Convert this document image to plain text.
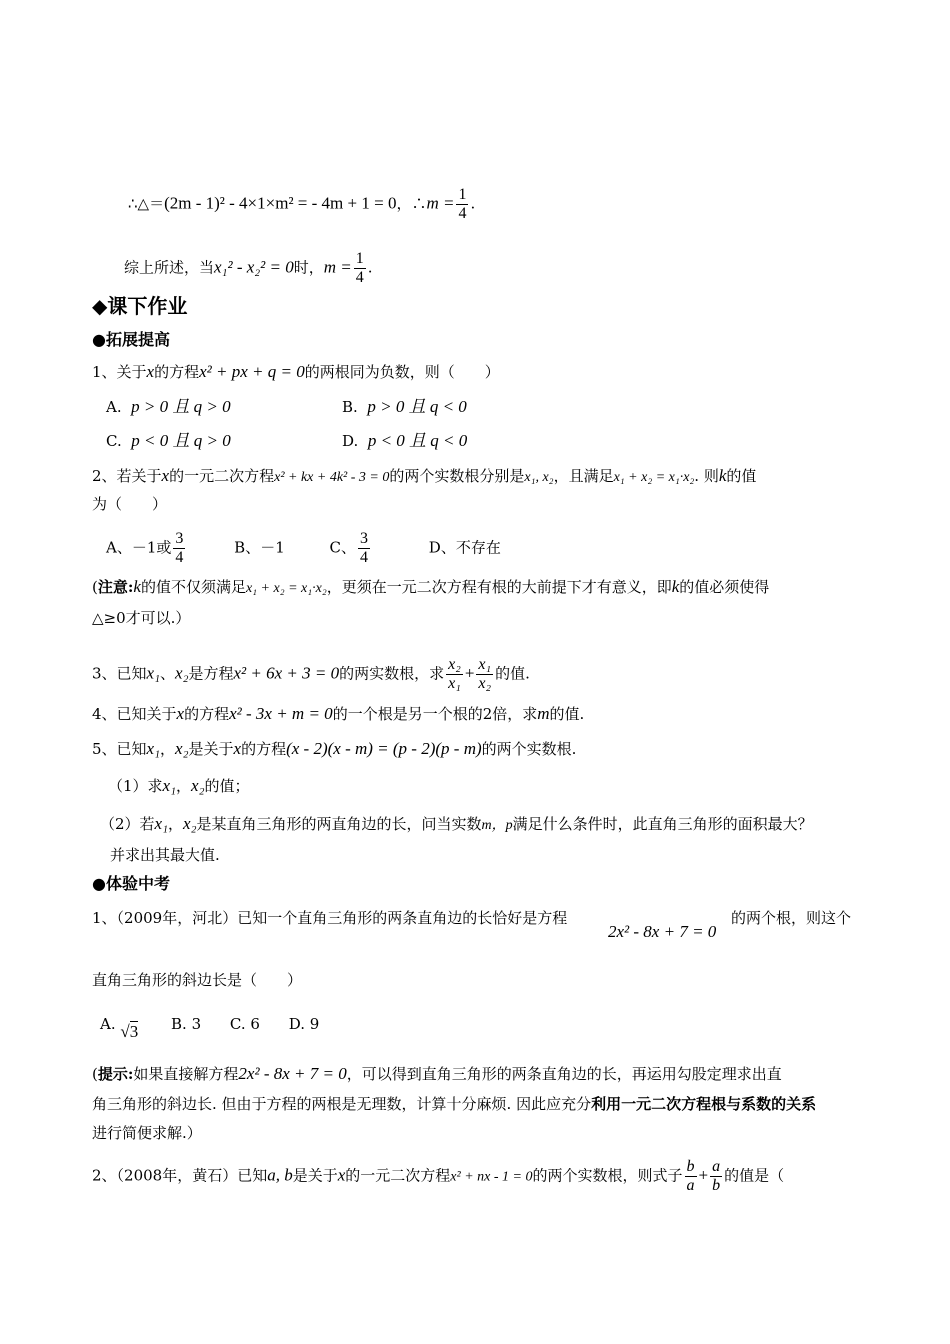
∴△＝(2m - 1)² - 4×1×m² = - 4m + 1 = 0，∴m = $\frac{1}{4}$ .
综上所述，当x₁² - x₂² = 0时，$m = \frac{1}{4}$ .
◆课下作业
●拓展提高
1、关于x的方程x² + px + q = 0的两根同为负数，则（　　）
A. p > 0 且 q > 0	B. p > 0 且 q < 0
C. p < 0 且 q > 0	D. p < 0 且 q < 0
2、若关于x的一元二次方程x² + kx + 4k² - 3 = 0的两个实数根分别是x₁, x₂，且满足x₁ + x₂ = x₁·x₂. 则k的值
为（　　）
A、－1或 $\frac{3}{4}$	B、－1	C、 $\frac{3}{4}$	D、不存在
(注意:k的值不仅须满足x₁ + x₂ = x₁·x₂，更须在一元二次方程有根的大前提下才有意义，即k的值必须使得
△≥0才可以.）
3、已知x₁、x₂是方程x² + 6x + 3 = 0的两实数根，求 $\frac{\text{x₂}}{\text{x₁}} + \frac{\text{x₁}}{\text{x₂}}$ 的值.
4、已知关于x的方程x² - 3x + m = 0的一个根是另一个根的2倍，求m的值.
5、已知x₁，x₂是关于x的方程(x - 2)(x - m) = (p - 2)(p - m)的两个实数根.
（1）求x₁，x₂的值；
（2）若x₁，x₂是某直角三角形的两直角边的长，问当实数m，p满足什么条件时，此直角三角形的面积最大？
并求出其最大值.
●体验中考
1、（2009年，河北）已知一个直角三角形的两条直角边的长恰好是方程
2x² - 8x + 7 = 0
的两个根，则这个
直角三角形的斜边长是（　　）
A. √3 B. 3 C. 6 D. 9
(提示:如果直接解方程2x² - 8x + 7 = 0，可以得到直角三角形的两条直角边的长，再运用勾股定理求出直
角三角形的斜边长. 但由于方程的两根是无理数，计算十分麻烦. 因此应充分利用一元二次方程根与系数的关系
进行简便求解.）
2、（2008年，黄石）已知a, b是关于x的一元二次方程x² + nx - 1 = 0的两个实数根，则式子 $\frac{b}{a} + \frac{a}{b}$ 的值是（
